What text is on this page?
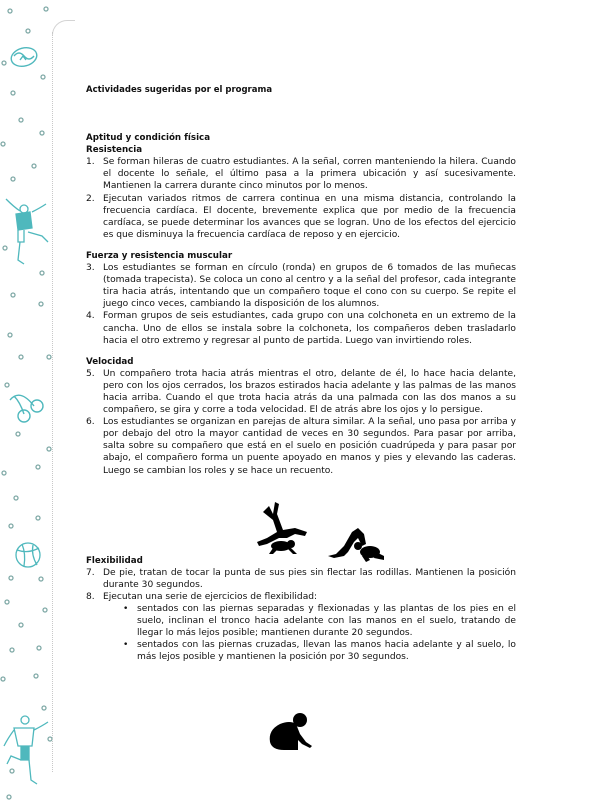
Actividades sugeridas por el programa
Aptitud y condición física
Resistencia
1. Se forman hileras de cuatro estudiantes. A la señal, corren manteniendo la hilera. Cuando el docente lo señale, el último pasa a la primera ubicación y así sucesivamente. Mantienen la carrera durante cinco minutos por lo menos.
2. Ejecutan variados ritmos de carrera continua en una misma distancia, controlando la frecuencia cardíaca. El docente, brevemente explica que por medio de la frecuencia cardíaca, se puede determinar los avances que se logran. Uno de los efectos del ejercicio es que disminuya la frecuencia cardíaca de reposo y en ejercicio.
Fuerza y resistencia muscular
3. Los estudiantes se forman en círculo (ronda) en grupos de 6 tomados de las muñecas (tomada trapecista). Se coloca un cono al centro y a la señal del profesor, cada integrante tira hacia atrás, intentando que un compañero toque el cono con su cuerpo. Se repite el juego cinco veces, cambiando la disposición de los alumnos.
4. Forman grupos de seis estudiantes, cada grupo con una colchoneta en un extremo de la cancha. Uno de ellos se instala sobre la colchoneta, los compañeros deben trasladarlo hacia el otro extremo y regresar al punto de partida. Luego van invirtiendo roles.
Velocidad
5. Un compañero trota hacia atrás mientras el otro, delante de él, lo hace hacia delante, pero con los ojos cerrados, los brazos estirados hacia adelante y las palmas de las manos hacia arriba. Cuando el que trota hacia atrás da una palmada con las dos manos a su compañero, se gira y corre a toda velocidad. El de atrás abre los ojos y lo persigue.
6. Los estudiantes se organizan en parejas de altura similar. A la señal, uno pasa por arriba y por debajo del otro la mayor cantidad de veces en 30 segundos. Para pasar por arriba, salta sobre su compañero que está en el suelo en posición cuadrúpeda y para pasar por abajo, el compañero forma un puente apoyado en manos y pies y elevando las caderas. Luego se cambian los roles y se hace un recuento.
Flexibilidad
7. De pie, tratan de tocar la punta de sus pies sin flectar las rodillas. Mantienen la posición durante 30 segundos.
8. Ejecutan una serie de ejercicios de flexibilidad:
• sentados con las piernas separadas y flexionadas y las plantas de los pies en el suelo, inclinan el tronco hacia adelante con las manos en el suelo, tratando de llegar lo más lejos posible; mantienen durante 20 segundos.
• sentados con las piernas cruzadas, llevan las manos hacia adelante y al suelo, lo más lejos posible y mantienen la posición por 30 segundos.
